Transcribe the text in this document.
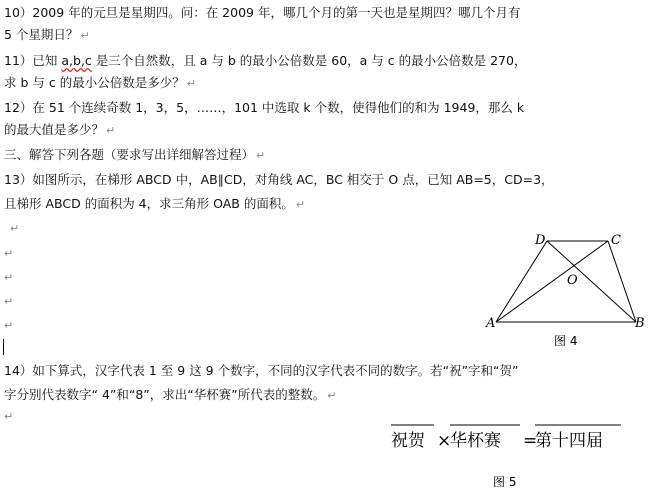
10）2009 年的元旦是星期四。问：在 2009 年，哪几个月的第一天也是星期四？哪几个月有
5 个星期日？ ↵
11）已知 a,b,c 是三个自然数，且 a 与 b 的最小公倍数是 60，a 与 c 的最小公倍数是 270，
求 b 与 c 的最小公倍数是多少？ ↵
12）在 51 个连续奇数 1，3，5，……，101 中选取 k 个数，使得他们的和为 1949，那么 k
的最大值是多少？ ↵
三、解答下列各题（要求写出详细解答过程） ↵
13）如图所示，在梯形 ABCD 中，AB∥CD，对角线 AC，BC 相交于 O 点，已知 AB=5，CD=3，
且梯形 ABCD 的面积为 4，求三角形 OAB 的面积。 ↵
↵
↵
↵
↵
↵
14）如下算式，汉字代表 1 至 9 这 9 个数字，不同的汉字代表不同的数字。若“祝”字和“贺”
字分别代表数字“ 4”和“8”，求出“华杯赛”所代表的整数。 ↵
↵
D	C
O
A	B
图 4
祝贺 ×
华杯赛 =
第十四届
图 5
